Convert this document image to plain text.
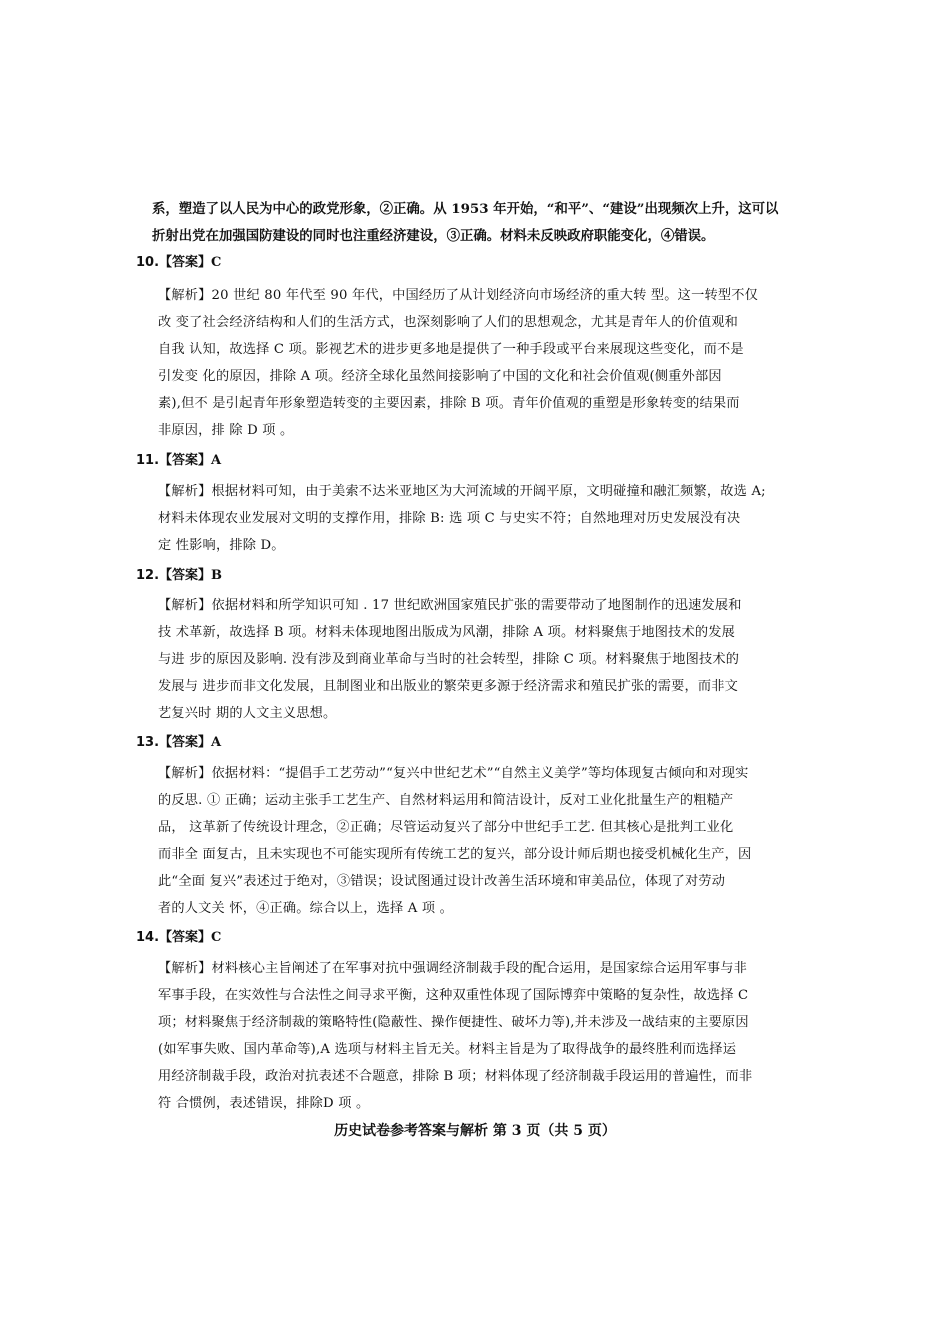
系，塑造了以人民为中心的政党形象，②正确。从 1953 年开始，“和平”、“建设”出现频次上升，这可以

折射出党在加强国防建设的同时也注重经济建设，③正确。材料未反映政府职能变化，④错误。

10.【答案】C

【解析】20 世纪 80 年代至 90 年代，中国经历了从计划经济向市场经济的重大转 型。这一转型不仅

改 变了社会经济结构和人们的生活方式，也深刻影响了人们的思想观念，尤其是青年人的价值观和

自我 认知，故选择 C 项。影视艺术的进步更多地是提供了一种手段或平台来展现这些变化，而不是

引发变 化的原因，排除 A 项。经济全球化虽然间接影响了中国的文化和社会价值观(侧重外部因

素),但不 是引起青年形象塑造转变的主要因素，排除 B 项。青年价值观的重塑是形象转变的结果而

非原因，排 除 D 项 。

11.【答案】A

【解析】根据材料可知，由于美索不达米亚地区为大河流域的开阔平原，文明碰撞和融汇频繁，故选 A;

材料未体现农业发展对文明的支撑作用，排除 B: 选 项 C 与史实不符；自然地理对历史发展没有决

定 性影响，排除 D。

12.【答案】B

【解析】依据材料和所学知识可知 . 17 世纪欧洲国家殖民扩张的需要带动了地图制作的迅速发展和

技 术革新，故选择 B 项。材料未体现地图出版成为风潮，排除 A 项。材料聚焦于地图技术的发展

与进 步的原因及影响. 没有涉及到商业革命与当时的社会转型，排除 C 项。材料聚焦于地图技术的

发展与 进步而非文化发展，且制图业和出版业的繁荣更多源于经济需求和殖民扩张的需要，而非文

艺复兴时 期的人文主义思想。

13.【答案】A

【解析】依据材料：“提倡手工艺劳动”“复兴中世纪艺术”“自然主义美学”等均体现复古倾向和对现实

的反思. ① 正确；运动主张手工艺生产、自然材料运用和简洁设计，反对工业化批量生产的粗糙产

品， 这革新了传统设计理念，②正确；尽管运动复兴了部分中世纪手工艺. 但其核心是批判工业化

而非全 面复古，且未实现也不可能实现所有传统工艺的复兴，部分设计师后期也接受机械化生产，因

此“全面 复兴”表述过于绝对，③错误；设试图通过设计改善生活环境和审美品位，体现了对劳动

者的人文关 怀，④正确。综合以上，选择 A 项 。

14.【答案】C

【解析】材料核心主旨阐述了在军事对抗中强调经济制裁手段的配合运用，是国家综合运用军事与非

军事手段，在实效性与合法性之间寻求平衡，这种双重性体现了国际博弈中策略的复杂性，故选择 C

项；材料聚焦于经济制裁的策略特性(隐蔽性、操作便捷性、破坏力等),并未涉及一战结束的主要原因

(如军事失败、国内革命等),A 选项与材料主旨无关。材料主旨是为了取得战争的最终胜利而选择运

用经济制裁手段，政治对抗表述不合题意，排除 B 项；材料体现了经济制裁手段运用的普遍性，而非

符 合惯例，表述错误，排除D 项 。

历史试卷参考答案与解析 第 3 页（共 5 页）
